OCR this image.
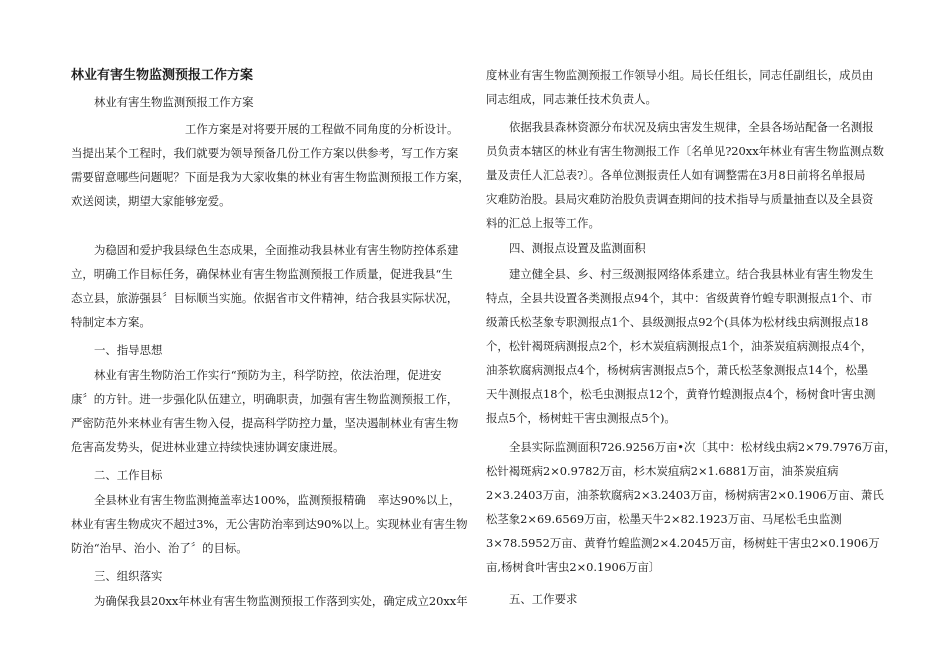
林业有害生物监测预报工作方案
林业有害生物监测预报工作方案
工作方案是对将要开展的工程做不同角度的分析设计。
当提出某个工程时，我们就要为领导预备几份工作方案以供参考，写工作方案
需要留意哪些问题呢？下面是我为大家收集的林业有害生物监测预报工作方案，
欢送阅读，期望大家能够宠爱。
为稳固和爱护我县绿色生态成果，全面推动我县林业有害生物防控体系建
立，明确工作目标任务，确保林业有害生物监测预报工作质量，促进我县“生
态立县，旅游强县〞目标顺当实施。依据省市文件精神，结合我县实际状况，
特制定本方案。
一、指导思想
林业有害生物防治工作实行“预防为主，科学防控，依法治理，促进安
康〞的方针。进一步强化队伍建立，明确职责，加强有害生物监测预报工作，
严密防范外来林业有害生物入侵，提高科学防控力量，坚决遏制林业有害生物
危害高发势头，促进林业建立持续快速协调安康进展。
二、工作目标
全县林业有害生物监测掩盖率达100%，监测预报精确 率达90%以上，
林业有害生物成灾不超过3%，无公害防治率到达90%以上。实现林业有害生物
防治“治早、治小、治了〞的目标。
三、组织落实
为确保我县20xx年林业有害生物监测预报工作落到实处，确定成立20xx年
度林业有害生物监测预报工作领导小组。局长任组长，同志任副组长，成员由
同志组成，同志兼任技术负责人。
依据我县森林资源分布状况及病虫害发生规律，全县各场站配备一名测报
员负责本辖区的林业有害生物测报工作〔名单见?20xx年林业有害生物监测点数
量及责任人汇总表?〕。各单位测报责任人如有调整需在3月8日前将名单报局
灾难防治股。县局灾难防治股负责调查期间的技术指导与质量抽查以及全县资
料的汇总上报等工作。
四、测报点设置及监测面积
建立健全县、乡、村三级测报网络体系建立。结合我县林业有害生物发生
特点，全县共设置各类测报点94个，其中：省级黄脊竹蝗专职测报点1个、市
级萧氏松茎象专职测报点1个、县级测报点92个(具体为松材线虫病测报点18
个，松针褐斑病测报点2个，杉木炭疽病测报点1个，油茶炭疽病测报点4个，
油茶软腐病测报点4个，杨树病害测报点5个，萧氏松茎象测报点14个，松墨
天牛测报点18个，松毛虫测报点12个，黄脊竹蝗测报点4个，杨树食叶害虫测
报点5个，杨树蛀干害虫测报点5个)。
全县实际监测面积726.9256万亩•次〔其中：松材线虫病2×79.7976万亩，
松针褐斑病2×0.9782万亩，杉木炭疽病2×1.6881万亩，油茶炭疽病
2×3.2403万亩，油茶软腐病2×3.2403万亩，杨树病害2×0.1906万亩、萧氏
松茎象2×69.6569万亩，松墨天牛2×82.1923万亩、马尾松毛虫监测
3×78.5952万亩、黄脊竹蝗监测2×4.2045万亩，杨树蛀干害虫2×0.1906万
亩,杨树食叶害虫2×0.1906万亩〕
五、工作要求
